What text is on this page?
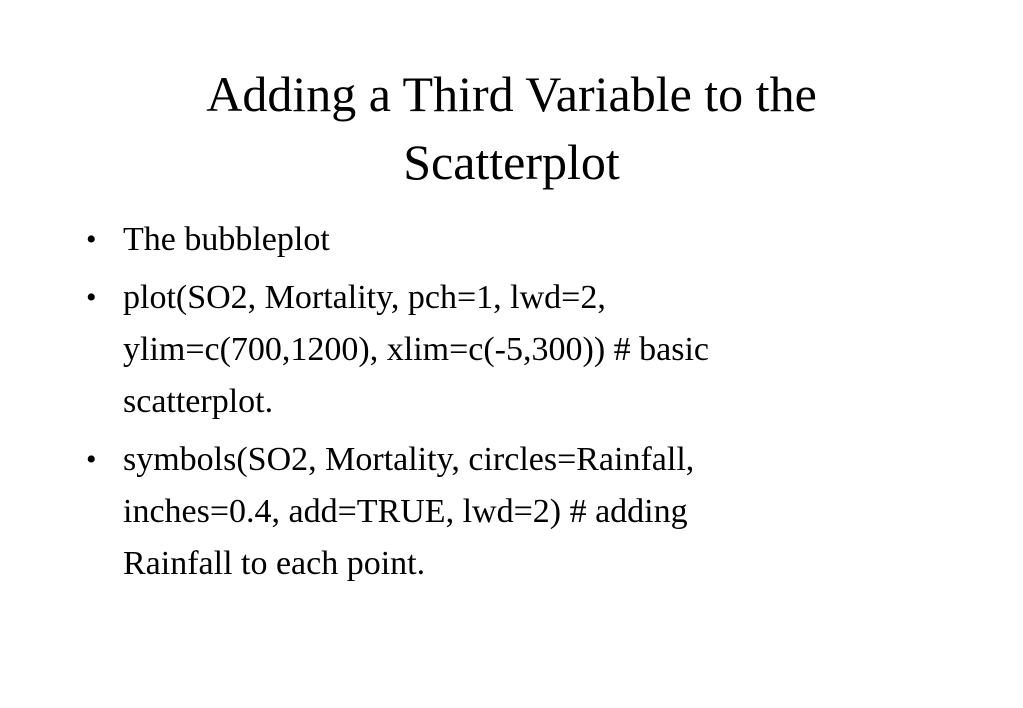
Adding a Third Variable to the
Scatterplot
• The bubbleplot
• plot(SO2, Mortality, pch=1, lwd=2,
ylim=c(700,1200), xlim=c(-5,300)) # basic
scatterplot.
• symbols(SO2, Mortality, circles=Rainfall,
inches=0.4, add=TRUE, lwd=2) # adding
Rainfall to each point.
